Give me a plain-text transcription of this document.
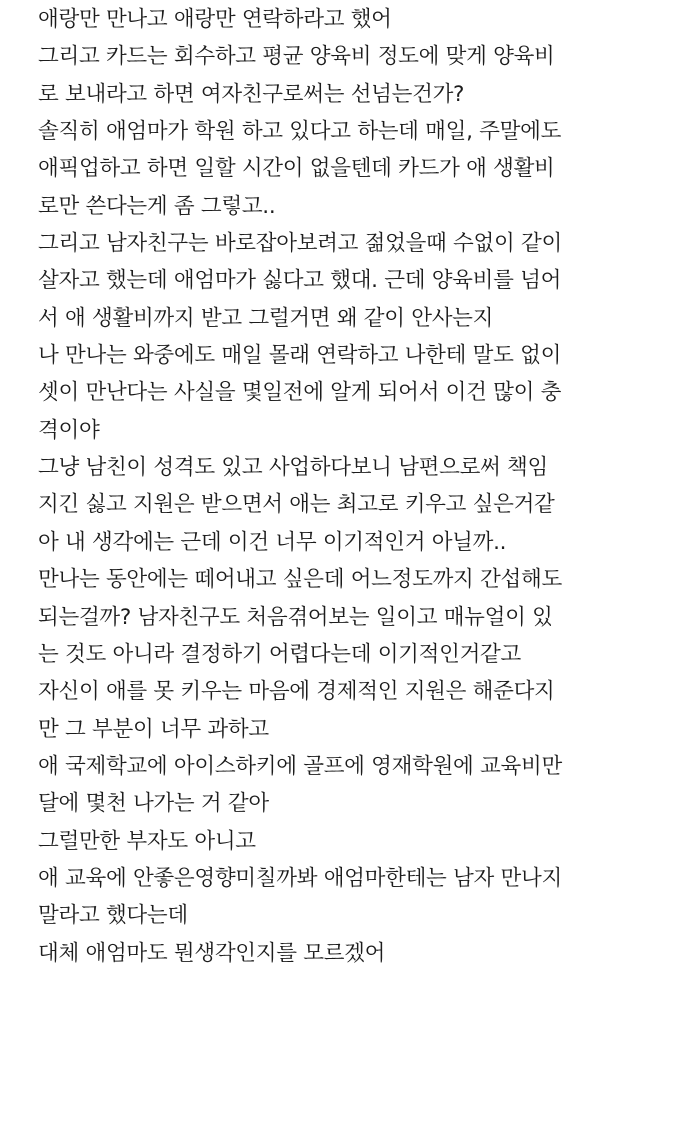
애랑만 만나고 애랑만 연락하라고 했어
그리고 카드는 회수하고 평균 양육비 정도에 맞게 양육비
로 보내라고 하면 여자친구로써는 선넘는건가?
솔직히 애엄마가 학원 하고 있다고 하는데 매일, 주말에도
애픽업하고 하면 일할 시간이 없을텐데 카드가 애 생활비
로만 쓴다는게 좀 그렇고..
그리고 남자친구는 바로잡아보려고 젊었을때 수없이 같이
살자고 했는데 애엄마가 싫다고 했대. 근데 양육비를 넘어
서 애 생활비까지 받고 그럴거면 왜 같이 안사는지
나 만나는 와중에도 매일 몰래 연락하고 나한테 말도 없이
셋이 만난다는 사실을 몇일전에 알게 되어서 이건 많이 충
격이야
그냥 남친이 성격도 있고 사업하다보니 남편으로써 책임
지긴 싫고 지원은 받으면서 애는 최고로 키우고 싶은거같
아 내 생각에는 근데 이건 너무 이기적인거 아닐까..
만나는 동안에는 떼어내고 싶은데 어느정도까지 간섭해도
되는걸까? 남자친구도 처음겪어보는 일이고 매뉴얼이 있
는 것도 아니라 결정하기 어렵다는데 이기적인거같고
자신이 애를 못 키우는 마음에 경제적인 지원은 해준다지
만 그 부분이 너무 과하고
애 국제학교에 아이스하키에 골프에 영재학원에 교육비만
달에 몇천 나가는 거 같아
그럴만한 부자도 아니고
애 교육에 안좋은영향미칠까봐 애엄마한테는 남자 만나지
말라고 했다는데
대체 애엄마도 뭔생각인지를 모르겠어
